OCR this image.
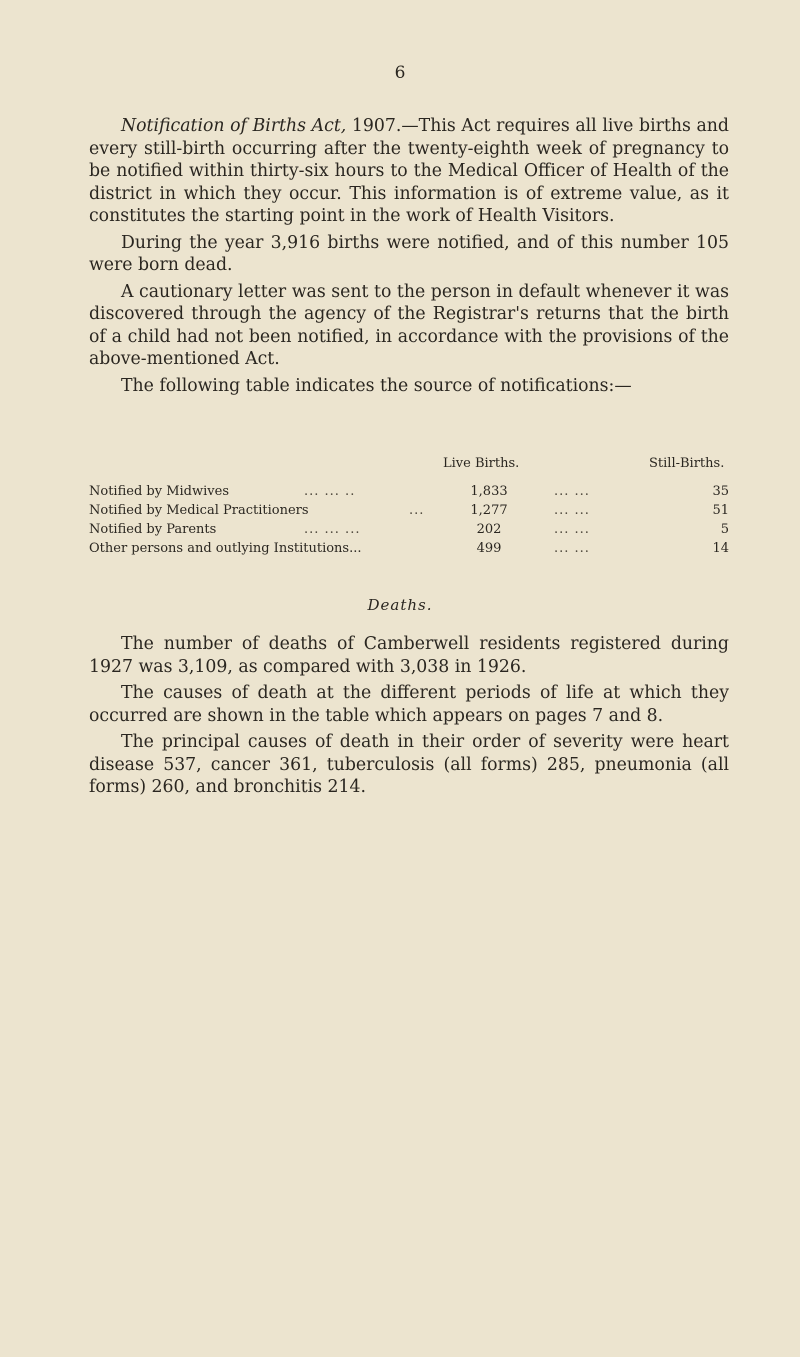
6

Notification of Births Act, 1907.—This Act requires all live births and every still-birth occurring after the twenty-eighth week of pregnancy to be notified within thirty-six hours to the Medical Officer of Health of the district in which they occur. This information is of extreme value, as it constitutes the starting point in the work of Health Visitors.

During the year 3,916 births were notified, and of this number 105 were born dead.

A cautionary letter was sent to the person in default whenever it was discovered through the agency of the Registrar's returns that the birth of a child had not been notified, in accordance with the provisions of the above-mentioned Act.

The following table indicates the source of notifications:—

Live Births.	Still-Births.
Notified by Midwives	... ... ..	1,833	... ...	35
Notified by Medical Practitioners	...	1,277	... ...	51
Notified by Parents	... ... ...	202	... ...	5
Other persons and outlying Institutions...	499	... ...	14
Deaths.

The number of deaths of Camberwell residents registered during 1927 was 3,109, as compared with 3,038 in 1926.

The causes of death at the different periods of life at which they occurred are shown in the table which appears on pages 7 and 8.

The principal causes of death in their order of severity were heart disease 537, cancer 361, tuberculosis (all forms) 285, pneumonia (all forms) 260, and bronchitis 214.
